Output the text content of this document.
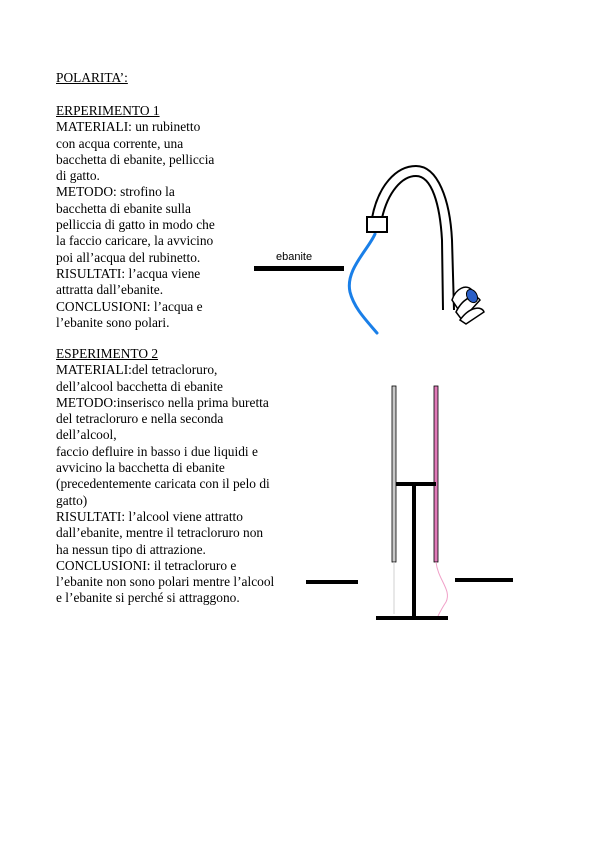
POLARITA’:
ERPERIMENTO 1
MATERIALI: un rubinetto
con acqua corrente, una
bacchetta di ebanite, pelliccia
di gatto.
METODO: strofino la
bacchetta di ebanite sulla
pelliccia di gatto in modo che
la faccio caricare, la avvicino
poi all’acqua del rubinetto.
RISULTATI: l’acqua viene
attratta dall’ebanite.
CONCLUSIONI: l’acqua e
l’ebanite sono polari.
ESPERIMENTO 2
MATERIALI:del tetracloruro,
dell’alcool bacchetta di ebanite
METODO:inserisco nella prima buretta
del tetracloruro e nella seconda
dell’alcool,
faccio defluire in basso i due liquidi e
avvicino la bacchetta di ebanite
(precedentemente caricata con il pelo di
gatto)
RISULTATI: l’alcool viene attratto
dall’ebanite, mentre il tetracloruro non
ha nessun tipo di attrazione.
CONCLUSIONI: il tetracloruro e
l’ebanite non sono polari mentre l’alcool
e l’ebanite si perché si attraggono.
ebanite
